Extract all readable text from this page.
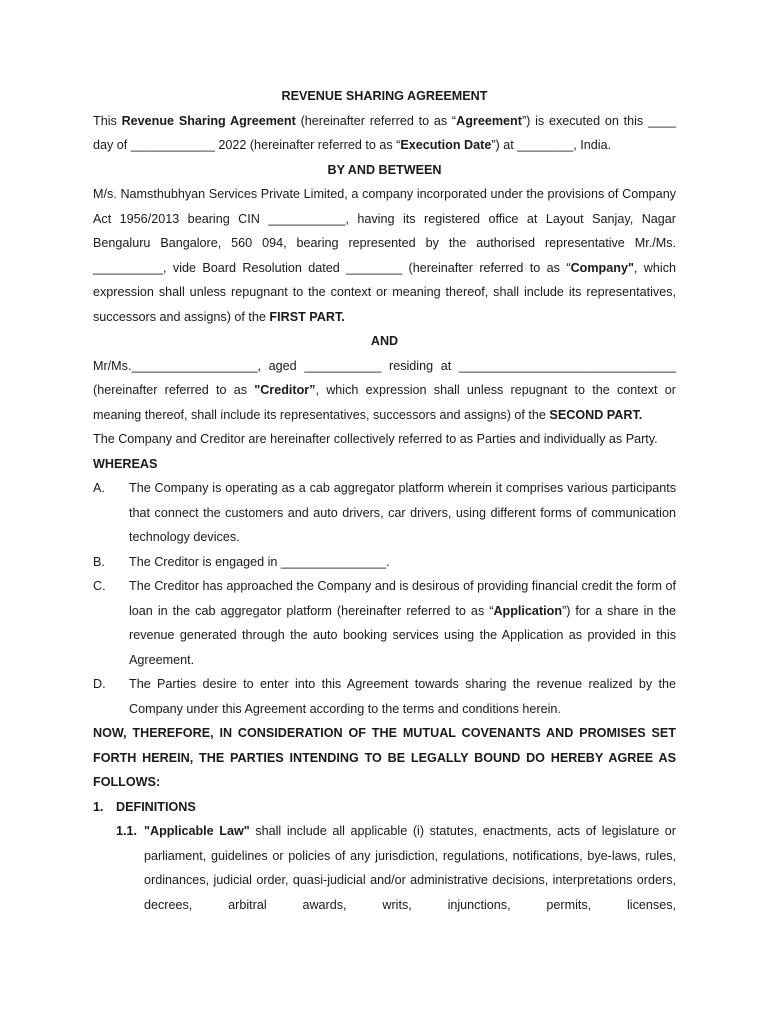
REVENUE SHARING AGREEMENT
This Revenue Sharing Agreement (hereinafter referred to as “Agreement”) is executed on this ____ day of ____________ 2022 (hereinafter referred to as “Execution Date”) at ________, India.
BY AND BETWEEN
M/s. Namsthubhyan Services Private Limited, a company incorporated under the provisions of Company Act 1956/2013 bearing CIN ___________, having its registered office at Layout Sanjay, Nagar Bengaluru Bangalore, 560 094, bearing represented by the authorised representative Mr./Ms. __________, vide Board Resolution dated ________ (hereinafter referred to as “Company", which expression shall unless repugnant to the context or meaning thereof, shall include its representatives, successors and assigns) of the FIRST PART.
AND
Mr/Ms.__________________, aged ___________ residing at _______________________________ (hereinafter referred to as "Creditor”, which expression shall unless repugnant to the context or meaning thereof, shall include its representatives, successors and assigns) of the SECOND PART.
The Company and Creditor are hereinafter collectively referred to as Parties and individually as Party.
WHEREAS
A.	The Company is operating as a cab aggregator platform wherein it comprises various participants that connect the customers and auto drivers, car drivers, using different forms of communication technology devices.
B.	The Creditor is engaged in _______________.
C.	The Creditor has approached the Company and is desirous of providing financial credit the form of loan in the cab aggregator platform (hereinafter referred to as “Application”) for a share in the revenue generated through the auto booking services using the Application as provided in this Agreement.
D.	The Parties desire to enter into this Agreement towards sharing the revenue realized by the Company under this Agreement according to the terms and conditions herein.
NOW, THEREFORE, IN CONSIDERATION OF THE MUTUAL COVENANTS AND PROMISES SET FORTH HEREIN, THE PARTIES INTENDING TO BE LEGALLY BOUND DO HEREBY AGREE AS FOLLOWS:
1. DEFINITIONS
1.1. "Applicable Law" shall include all applicable (i) statutes, enactments, acts of legislature or parliament, guidelines or policies of any jurisdiction, regulations, notifications, bye-laws, rules, ordinances, judicial order, quasi-judicial and/or administrative decisions, interpretations orders, decrees, arbitral awards, writs, injunctions, permits, licenses,
